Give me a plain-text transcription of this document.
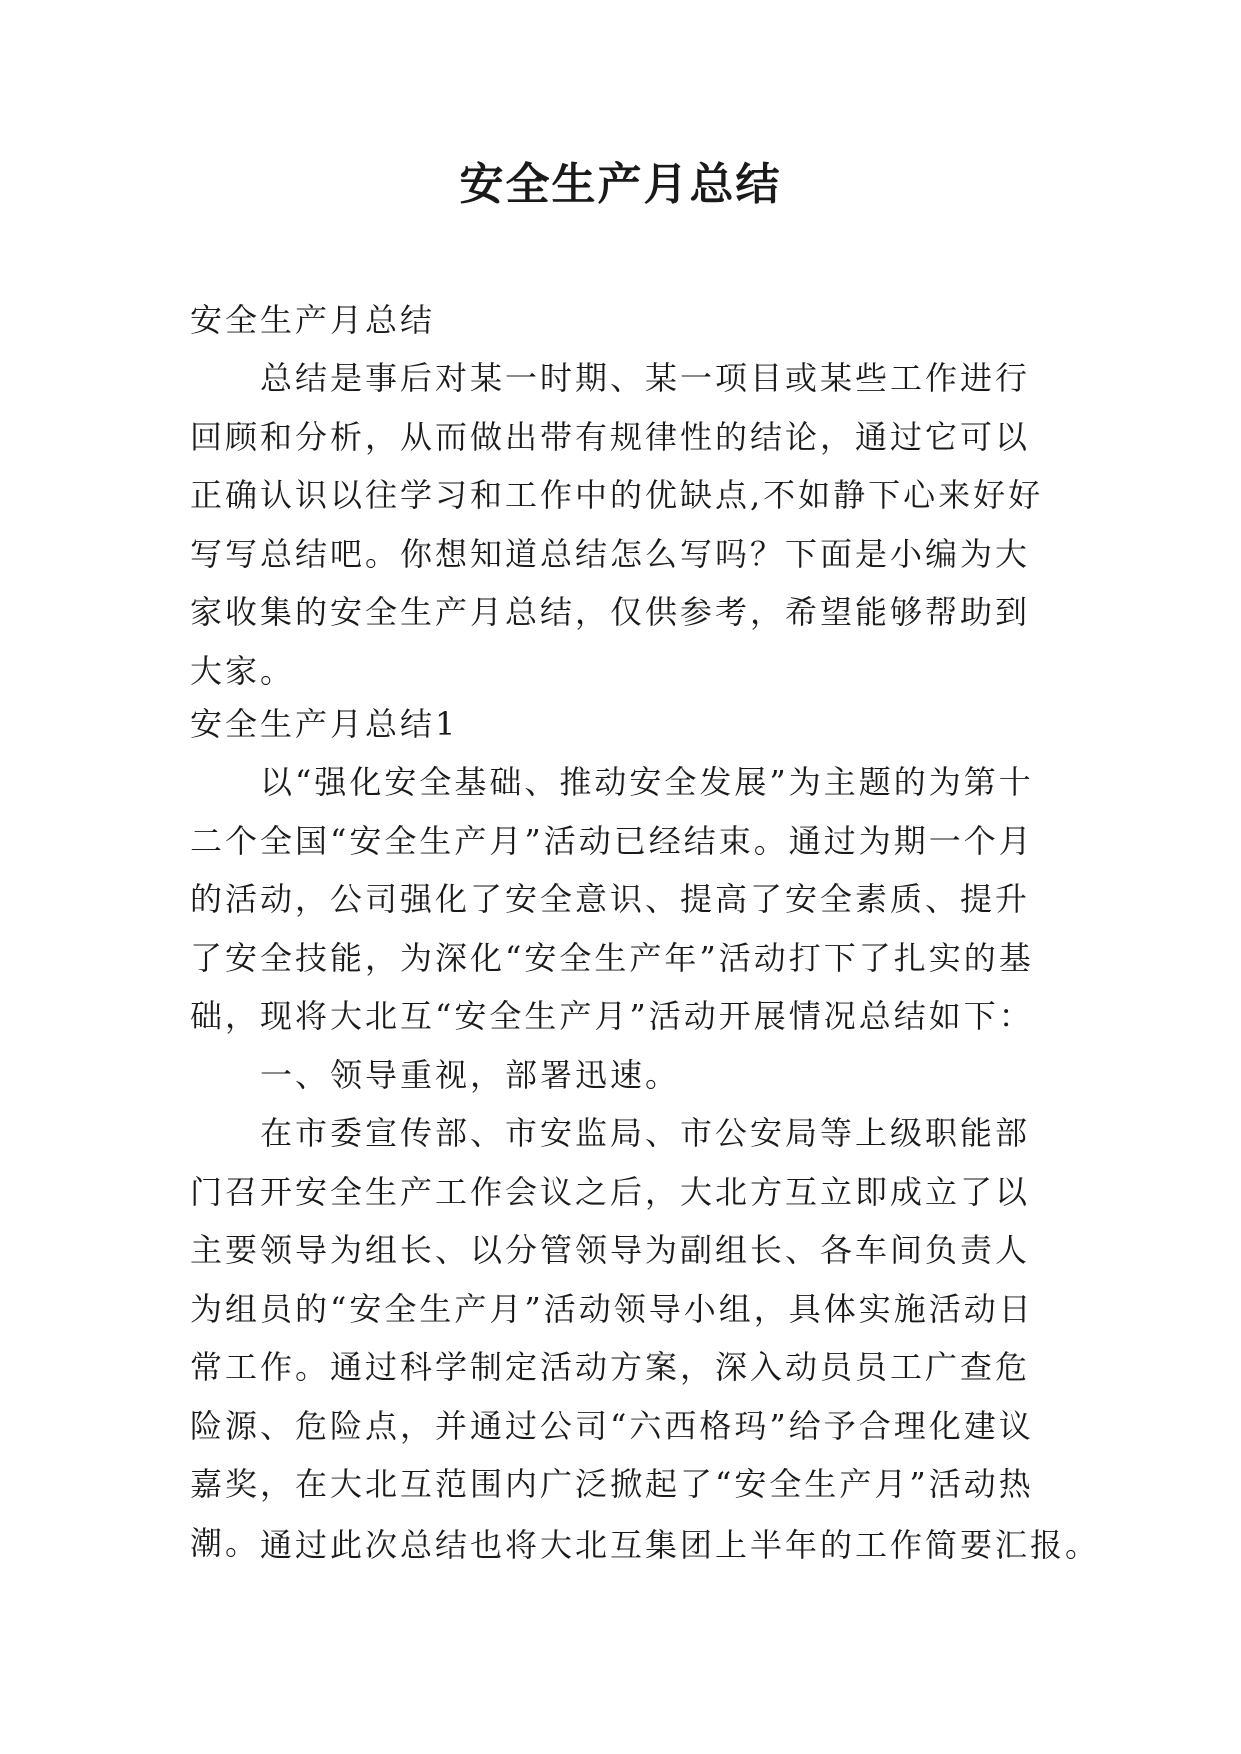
安全生产月总结

安全生产月总结

总结是事后对某一时期、某一项目或某些工作进行回顾和分析，从而做出带有规律性的结论，通过它可以正确认识以往学习和工作中的优缺点,不如静下心来好好写写总结吧。你想知道总结怎么写吗？下面是小编为大家收集的安全生产月总结，仅供参考，希望能够帮助到大家。

安全生产月总结1

以“强化安全基础、推动安全发展”为主题的为第十二个全国“安全生产月”活动已经结束。通过为期一个月的活动，公司强化了安全意识、提高了安全素质、提升了安全技能，为深化“安全生产年”活动打下了扎实的基础，现将大北互“安全生产月”活动开展情况总结如下：

一、领导重视，部署迅速。

在市委宣传部、市安监局、市公安局等上级职能部门召开安全生产工作会议之后，大北方互立即成立了以主要领导为组长、以分管领导为副组长、各车间负责人为组员的“安全生产月”活动领导小组，具体实施活动日常工作。通过科学制定活动方案，深入动员员工广查危险源、危险点，并通过公司“六西格玛”给予合理化建议嘉奖，在大北互范围内广泛掀起了“安全生产月”活动热潮。 通过此次总结也将大北互集团上半年的工作简要汇报。
